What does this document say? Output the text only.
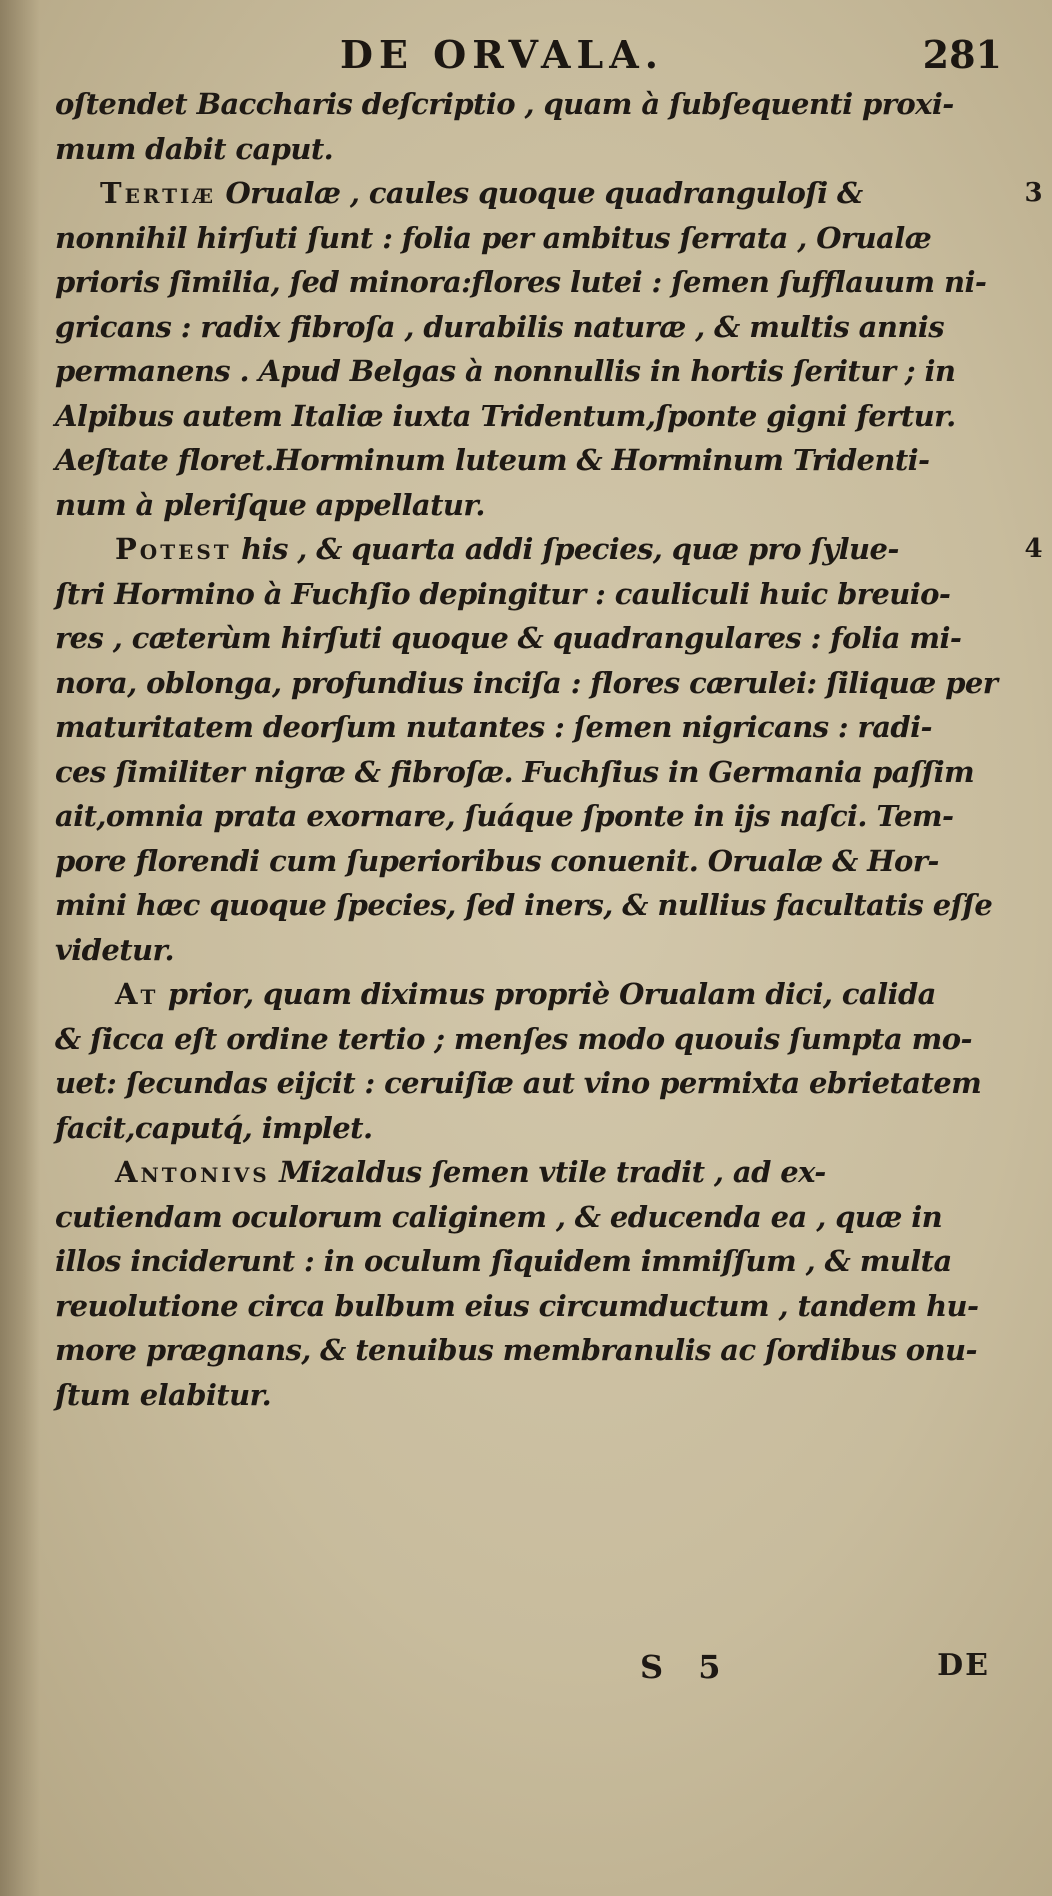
DE ORVALA.	281
oſtendet Baccharis deſcriptio , quam à ſubſequenti proxi-
mum dabit caput.
Tertiæ Orualæ , caules quoque quadranguloſi &	3
nonnihil hirſuti ſunt : folia per ambitus ſerrata , Orualæ
prioris ſimilia, ſed minora:flores lutei : ſemen ſufflauum ni-
gricans : radix fibroſa , durabilis naturæ , & multis annis
permanens . Apud Belgas à nonnullis in hortis ſeritur ; in
Alpibus autem Italiæ iuxta Tridentum,ſponte gigni fertur.
Aeſtate floret.Horminum luteum & Horminum Tridenti-
num à pleriſque appellatur.
Potest his , & quarta addi ſpecies, quæ pro ſylue-	4
ſtri Hormino à Fuchſio depingitur : cauliculi huic breuio-
res , cæterùm hirſuti quoque & quadrangulares : folia mi-
nora, oblonga, profundius inciſa : flores cærulei: ſiliquæ per
maturitatem deorſum nutantes : ſemen nigricans : radi-
ces ſimiliter nigræ & fibroſæ. Fuchſius in Germania paſſim
ait,omnia prata exornare, ſuáque ſponte in ijs naſci. Tem-
pore florendi cum ſuperioribus conuenit. Orualæ & Hor-
mini hæc quoque ſpecies, ſed iners, & nullius facultatis eſſe
videtur.
At prior, quam diximus propriè Orualam dici, calida
& ſicca eſt ordine tertio ; menſes modo quouis ſumpta mo-
uet: ſecundas eijcit : ceruiſiæ aut vino permixta ebrietatem
facit,caputq́, implet.
Antonivs Mizaldus ſemen vtile tradit , ad ex-
cutiendam oculorum caliginem , & educenda ea , quæ in
illos inciderunt : in oculum ſiquidem immiſſum , & multa
reuolutione circa bulbum eius circumductum , tandem hu-
more prægnans, & tenuibus membranulis ac ſordibus onu-
ſtum elabitur.
S 5	DE
